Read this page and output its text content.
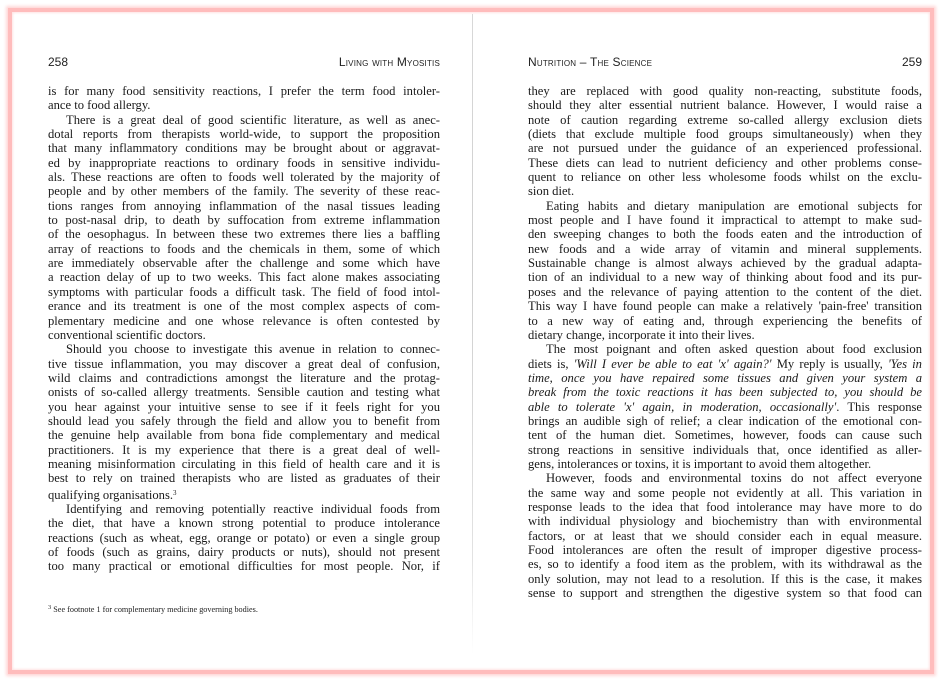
258	Living with Myositis

is for many food sensitivity reactions, I prefer the term food intoler-
ance to food allergy.

There is a great deal of good scientific literature, as well as anec-
dotal reports from therapists world-wide, to support the proposition
that many inflammatory conditions may be brought about or aggravat-
ed by inappropriate reactions to ordinary foods in sensitive individu-
als. These reactions are often to foods well tolerated by the majority of
people and by other members of the family. The severity of these reac-
tions ranges from annoying inflammation of the nasal tissues leading
to post-nasal drip, to death by suffocation from extreme inflammation
of the oesophagus. In between these two extremes there lies a baffling
array of reactions to foods and the chemicals in them, some of which
are immediately observable after the challenge and some which have
a reaction delay of up to two weeks. This fact alone makes associating
symptoms with particular foods a difficult task. The field of food intol-
erance and its treatment is one of the most complex aspects of com-
plementary medicine and one whose relevance is often contested by
conventional scientific doctors.

Should you choose to investigate this avenue in relation to connec-
tive tissue inflammation, you may discover a great deal of confusion,
wild claims and contradictions amongst the literature and the protag-
onists of so-called allergy treatments. Sensible caution and testing what
you hear against your intuitive sense to see if it feels right for you
should lead you safely through the field and allow you to benefit from
the genuine help available from bona fide complementary and medical
practitioners. It is my experience that there is a great deal of well-
meaning misinformation circulating in this field of health care and it is
best to rely on trained therapists who are listed as graduates of their
qualifying organisations.$^3$

Identifying and removing potentially reactive individual foods from
the diet, that have a known strong potential to produce intolerance
reactions (such as wheat, egg, orange or potato) or even a single group
of foods (such as grains, dairy products or nuts), should not present
too many practical or emotional difficulties for most people. Nor, if

$^3$ See footnote 1 for complementary medicine governing bodies.
Nutrition – The Science	259

they are replaced with good quality non-reacting, substitute foods,
should they alter essential nutrient balance. However, I would raise a
note of caution regarding extreme so-called allergy exclusion diets
(diets that exclude multiple food groups simultaneously) when they
are not pursued under the guidance of an experienced professional.
These diets can lead to nutrient deficiency and other problems conse-
quent to reliance on other less wholesome foods whilst on the exclu-
sion diet.

Eating habits and dietary manipulation are emotional subjects for
most people and I have found it impractical to attempt to make sud-
den sweeping changes to both the foods eaten and the introduction of
new foods and a wide array of vitamin and mineral supplements.
Sustainable change is almost always achieved by the gradual adapta-
tion of an individual to a new way of thinking about food and its pur-
poses and the relevance of paying attention to the content of the diet.
This way I have found people can make a relatively 'pain-free' transition
to a new way of eating and, through experiencing the benefits of
dietary change, incorporate it into their lives.

The most poignant and often asked question about food exclusion
diets is, 'Will I ever be able to eat 'x' again?' My reply is usually, 'Yes in
time, once you have repaired some tissues and given your system a
break from the toxic reactions it has been subjected to, you should be
able to tolerate 'x' again, in moderation, occasionally'. This response
brings an audible sigh of relief; a clear indication of the emotional con-
tent of the human diet. Sometimes, however, foods can cause such
strong reactions in sensitive individuals that, once identified as aller-
gens, intolerances or toxins, it is important to avoid them altogether.

However, foods and environmental toxins do not affect everyone
the same way and some people not evidently at all. This variation in
response leads to the idea that food intolerance may have more to do
with individual physiology and biochemistry than with environmental
factors, or at least that we should consider each in equal measure.
Food intolerances are often the result of improper digestive process-
es, so to identify a food item as the problem, with its withdrawal as the
only solution, may not lead to a resolution. If this is the case, it makes
sense to support and strengthen the digestive system so that food can
